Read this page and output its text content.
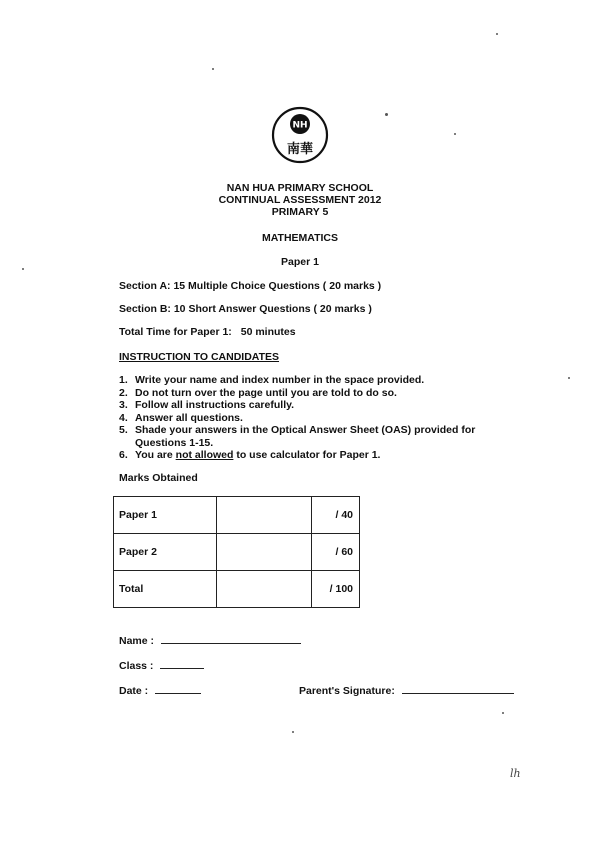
NH
南華
NAN HUA PRIMARY SCHOOL
CONTINUAL ASSESSMENT 2012
PRIMARY 5
MATHEMATICS
Paper 1
Section A: 15 Multiple Choice Questions ( 20 marks )
Section B: 10 Short Answer Questions ( 20 marks )
Total Time for Paper 1: 50 minutes
INSTRUCTION TO CANDIDATES
1. Write your name and index number in the space provided.
2. Do not turn over the page until you are told to do so.
3. Follow all instructions carefully.
4. Answer all questions.
5. Shade your answers in the Optical Answer Sheet (OAS) provided for Questions 1-15.
6. You are not allowed to use calculator for Paper 1.
Marks Obtained
Paper 1		/ 40
Paper 2		/ 60
Total		/ 100
Name :
Class :
Date :	Parent's Signature:
lh
